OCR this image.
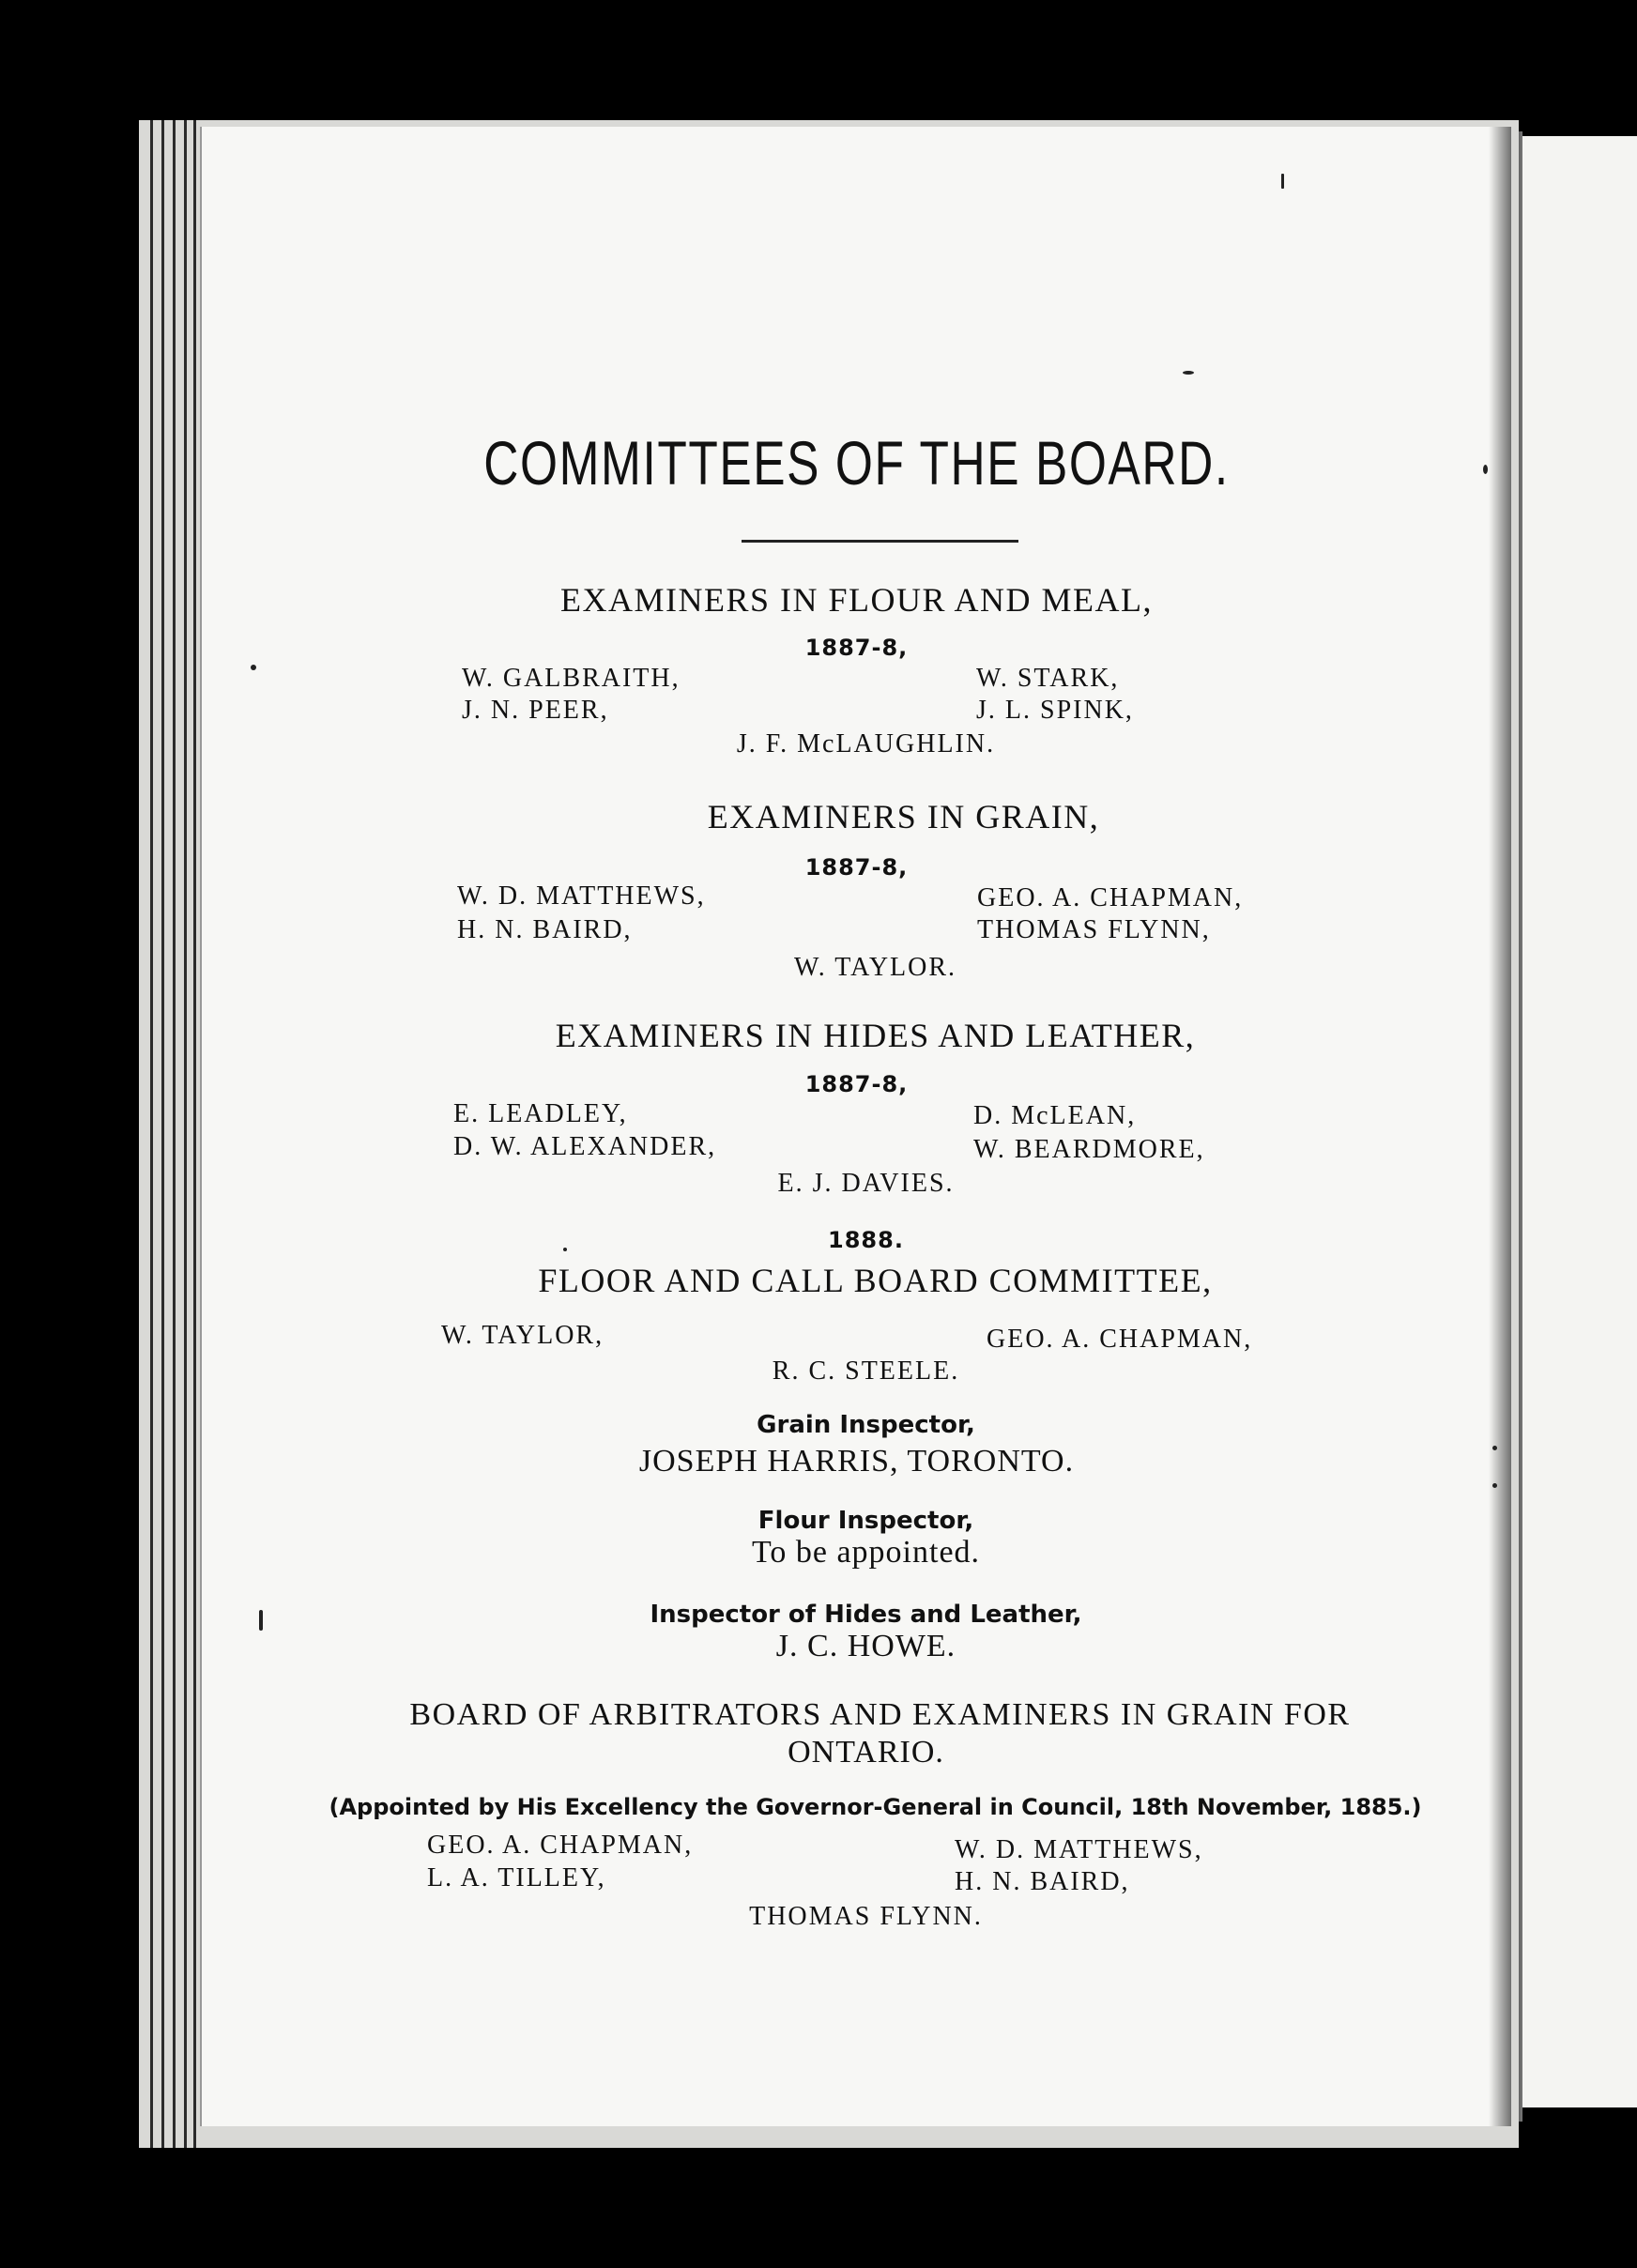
COMMITTEES OF THE BOARD.
EXAMINERS IN FLOUR AND MEAL,
1887-8,
W. GALBRAITH,
J. N. PEER,
W. STARK,
J. L. SPINK,
J. F. McLAUGHLIN.
EXAMINERS IN GRAIN,
1887-8,
W. D. MATTHEWS,
H. N. BAIRD,
GEO. A. CHAPMAN,
THOMAS FLYNN,
W. TAYLOR.
EXAMINERS IN HIDES AND LEATHER,
1887-8,
E. LEADLEY,
D. W. ALEXANDER,
D. McLEAN,
W. BEARDMORE,
E. J. DAVIES.
1888.
FLOOR AND CALL BOARD COMMITTEE,
W. TAYLOR,	GEO. A. CHAPMAN,
R. C. STEELE.
Grain Inspector,
JOSEPH HARRIS, TORONTO.
Flour Inspector,
To be appointed.
Inspector of Hides and Leather,
J. C. HOWE.
BOARD OF ARBITRATORS AND EXAMINERS IN GRAIN FOR
ONTARIO.
(Appointed by His Excellency the Governor-General in Council, 18th November, 1885.)
GEO. A. CHAPMAN,
L. A. TILLEY,
W. D. MATTHEWS,
H. N. BAIRD,
THOMAS FLYNN.
